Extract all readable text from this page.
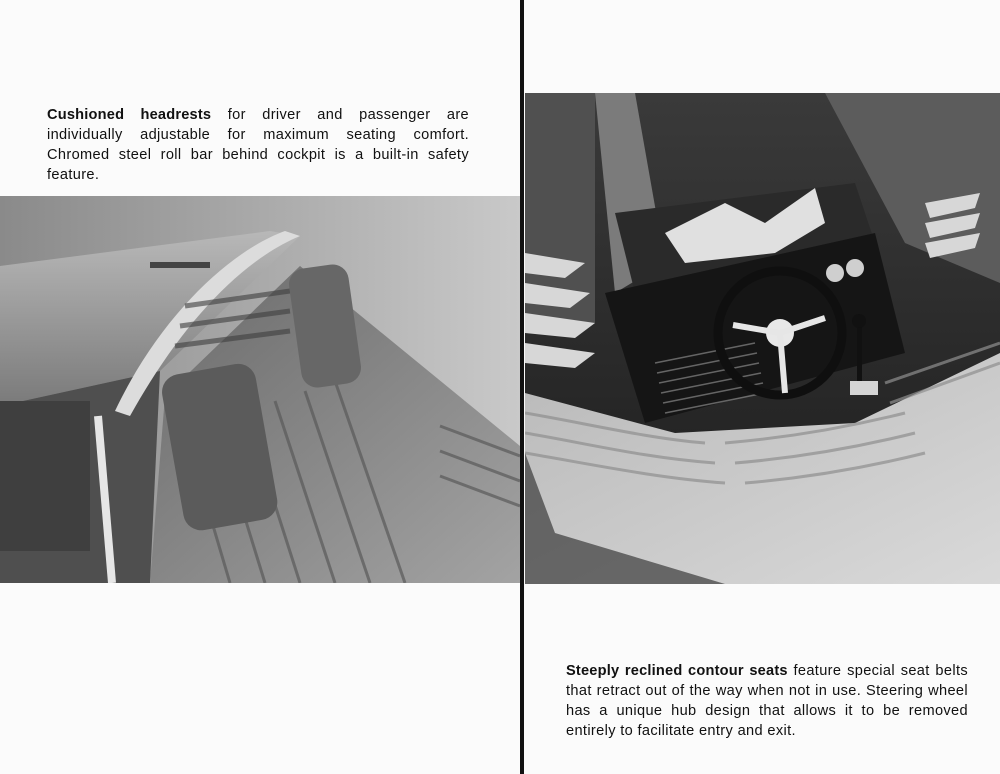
Cushioned headrests for driver and passenger are individually adjustable for maximum seating comfort. Chromed steel roll bar behind cockpit is a built-in safety feature.

Steeply reclined contour seats feature special seat belts that retract out of the way when not in use. Steering wheel has a unique hub design that allows it to be removed entirely to facilitate entry and exit.
